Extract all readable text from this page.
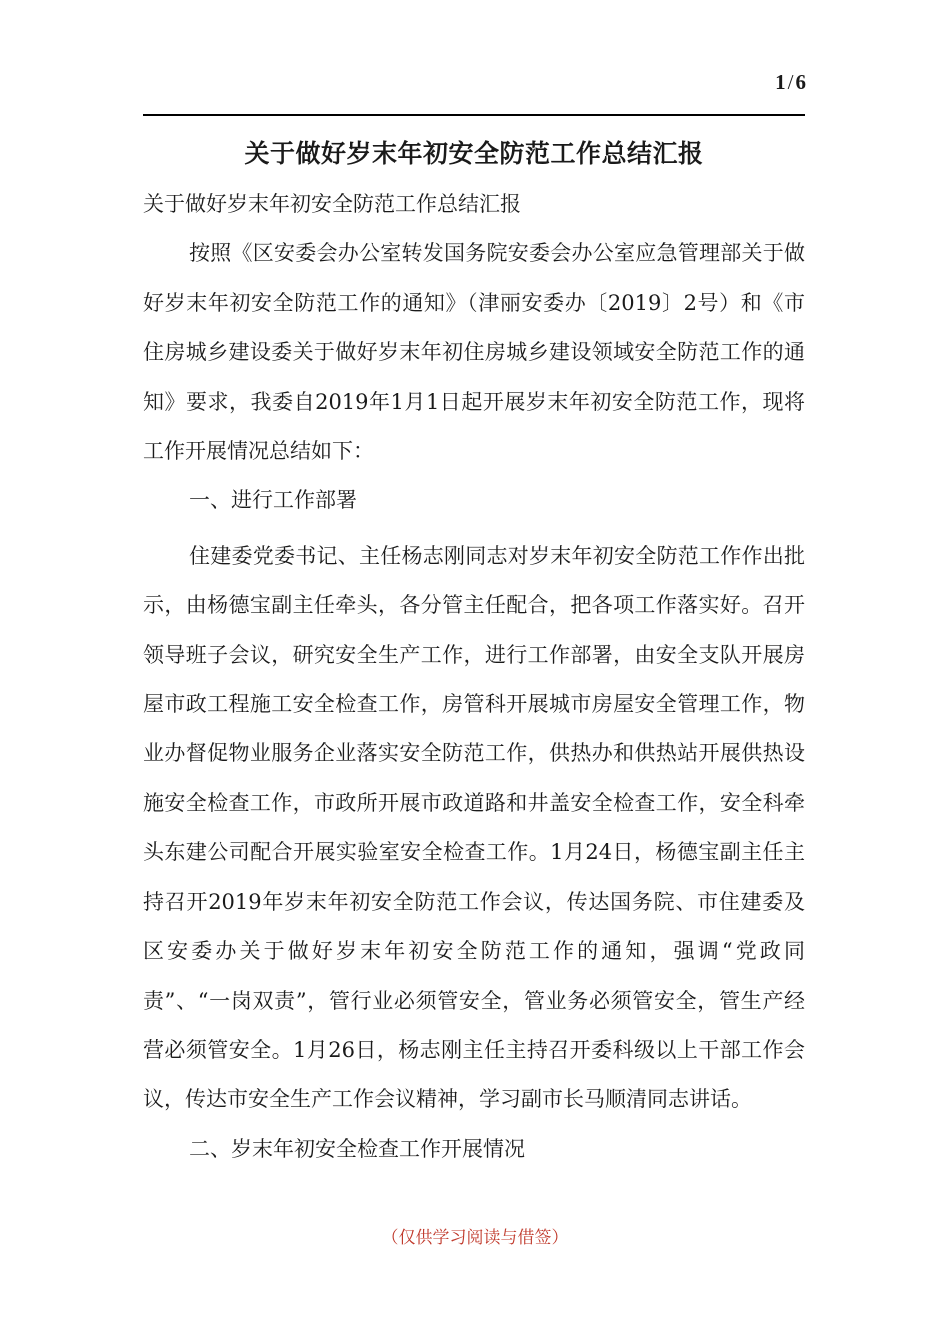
1/6
关于做好岁末年初安全防范工作总结汇报

关于做好岁末年初安全防范工作总结汇报

按照《区安委会办公室转发国务院安委会办公室应急管理部关于做好岁末年初安全防范工作的通知》（津丽安委办〔2019〕2号）和《市住房城乡建设委关于做好岁末年初住房城乡建设领域安全防范工作的通知》要求，我委自2019年1月1日起开展岁末年初安全防范工作，现将工作开展情况总结如下：

一、进行工作部署

住建委党委书记、主任杨志刚同志对岁末年初安全防范工作作出批示，由杨德宝副主任牵头，各分管主任配合，把各项工作落实好。召开领导班子会议，研究安全生产工作，进行工作部署，由安全支队开展房屋市政工程施工安全检查工作，房管科开展城市房屋安全管理工作，物业办督促物业服务企业落实安全防范工作，供热办和供热站开展供热设施安全检查工作，市政所开展市政道路和井盖安全检查工作，安全科牵头东建公司配合开展实验室安全检查工作。1月24日，杨德宝副主任主持召开2019年岁末年初安全防范工作会议，传达国务院、市住建委及区安委办关于做好岁末年初安全防范工作的通知，强调“党政同责”、“一岗双责”，管行业必须管安全，管业务必须管安全，管生产经营必须管安全。1月26日，杨志刚主任主持召开委科级以上干部工作会议，传达市安全生产工作会议精神，学习副市长马顺清同志讲话。

二、岁末年初安全检查工作开展情况

（仅供学习阅读与借签）
